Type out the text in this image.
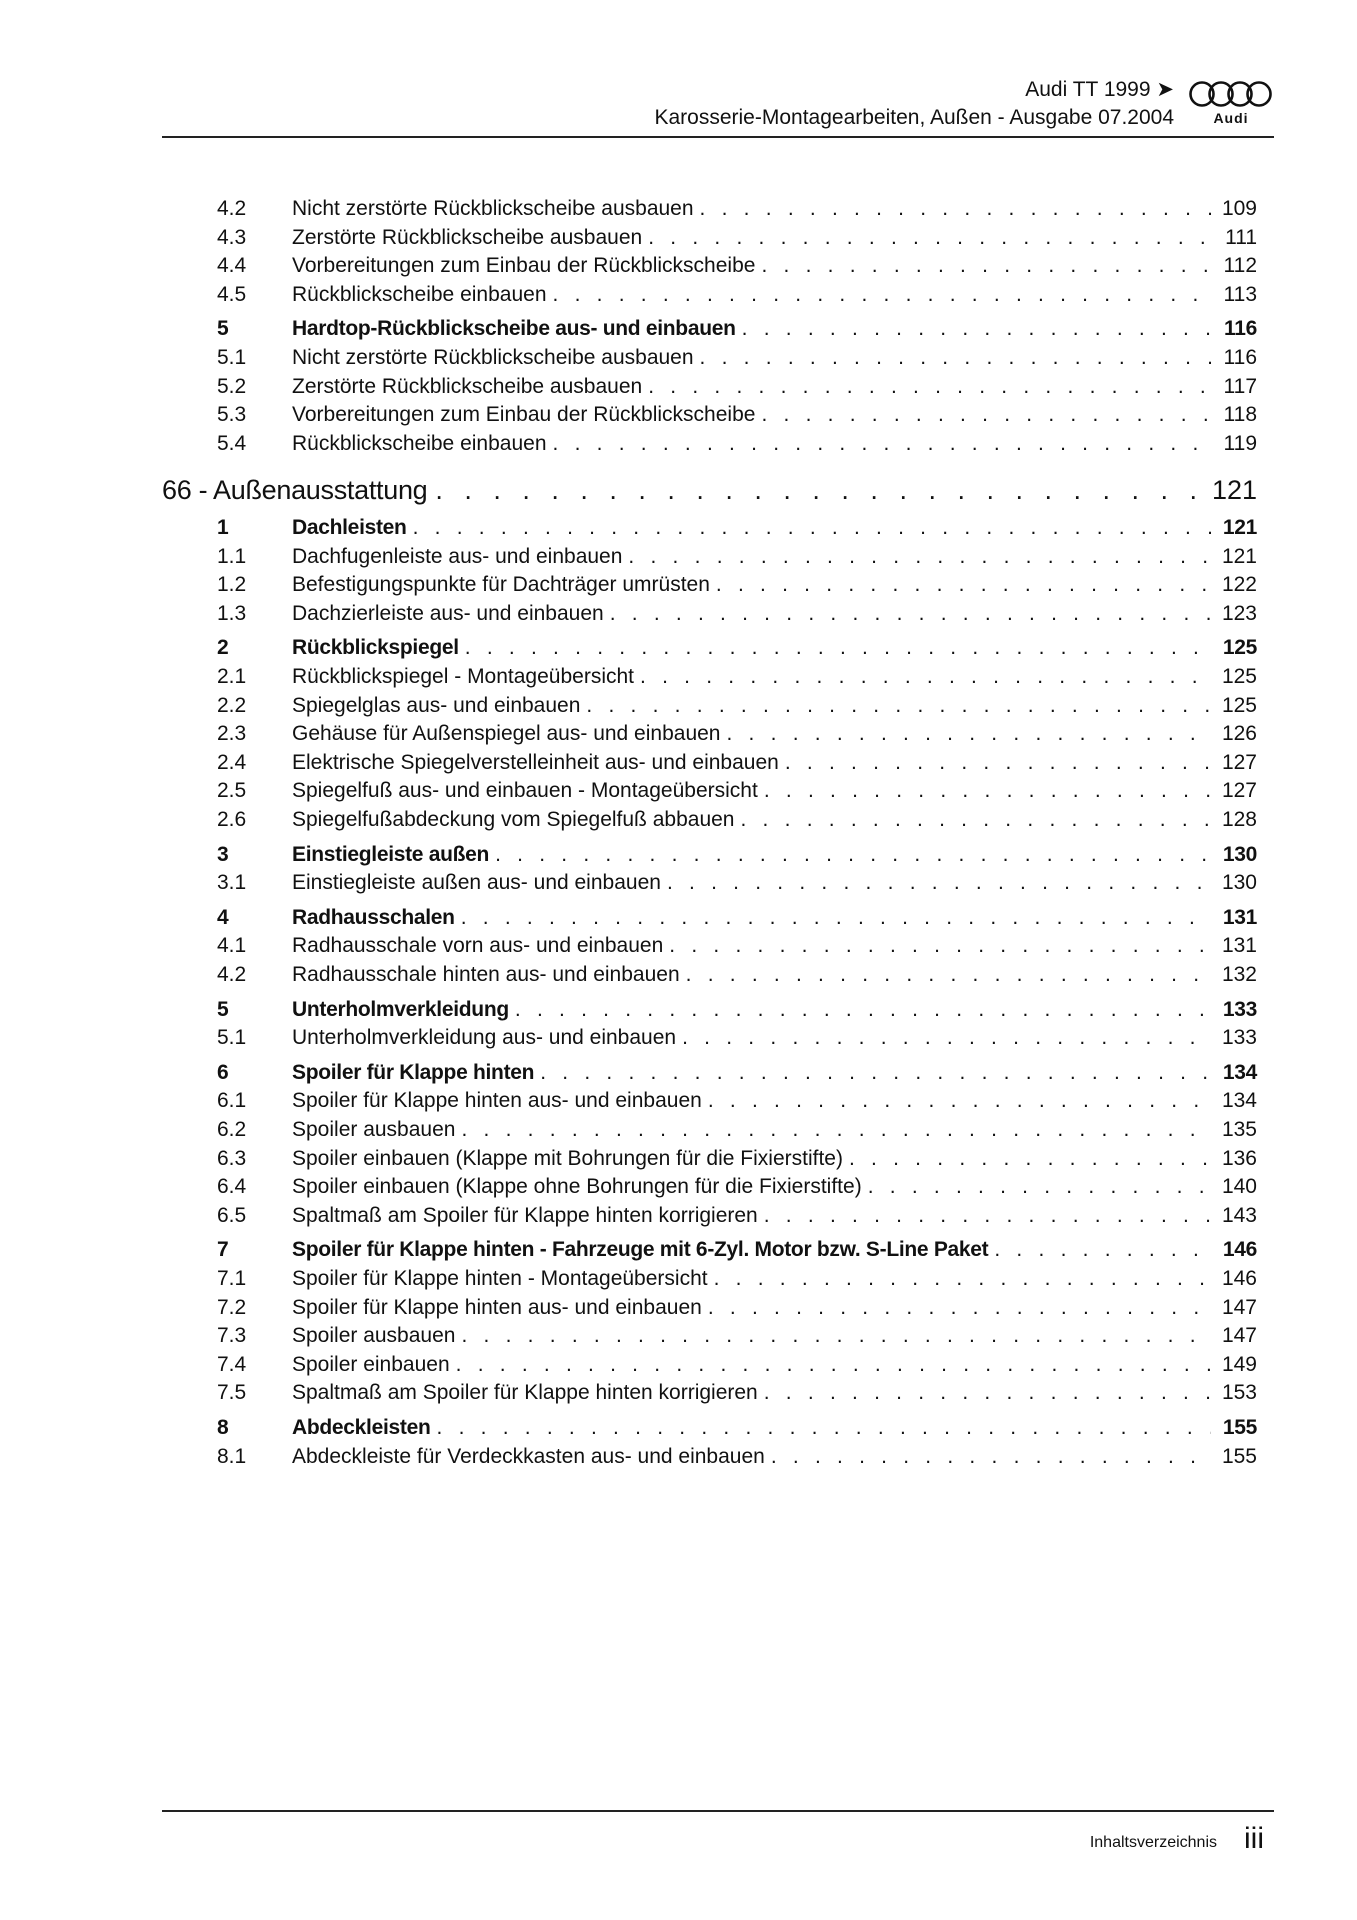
Audi TT 1999 ➤
Karosserie-Montagearbeiten, Außen - Ausgabe 07.2004	Audi
4.2 Nicht zerstörte Rückblickscheibe ausbauen . . .	109
4.3 Zerstörte Rückblickscheibe ausbauen . . .	111
4.4 Vorbereitungen zum Einbau der Rückblickscheibe . . .	112
4.5 Rückblickscheibe einbauen . . .	113
5	Hardtop-Rückblickscheibe aus- und einbauen . . .	116
5.1 Nicht zerstörte Rückblickscheibe ausbauen . . .	116
5.2 Zerstörte Rückblickscheibe ausbauen . . .	117
5.3 Vorbereitungen zum Einbau der Rückblickscheibe . . .	118
5.4 Rückblickscheibe einbauen . . .	119
66 - Außenausstattung . . .	121
1	Dachleisten . . .	121
1.1 Dachfugenleiste aus- und einbauen . . .	121
1.2 Befestigungspunkte für Dachträger umrüsten . . .	122
1.3 Dachzierleiste aus- und einbauen . . .	123
2	Rückblickspiegel . . .	125
2.1 Rückblickspiegel - Montageübersicht . . .	125
2.2 Spiegelglas aus- und einbauen . . .	125
2.3 Gehäuse für Außenspiegel aus- und einbauen . . .	126
2.4 Elektrische Spiegelverstelleinheit aus- und einbauen . . .	127
2.5 Spiegelfuß aus- und einbauen - Montageübersicht . . .	127
2.6 Spiegelfußabdeckung vom Spiegelfuß abbauen . . .	128
3	Einstiegleiste außen . . .	130
3.1 Einstiegleiste außen aus- und einbauen . . .	130
4	Radhausschalen . . .	131
4.1 Radhausschale vorn aus- und einbauen . . .	131
4.2 Radhausschale hinten aus- und einbauen . . .	132
5	Unterholmverkleidung . . .	133
5.1 Unterholmverkleidung aus- und einbauen . . .	133
6	Spoiler für Klappe hinten . . .	134
6.1 Spoiler für Klappe hinten aus- und einbauen . . .	134
6.2 Spoiler ausbauen . . .	135
6.3 Spoiler einbauen (Klappe mit Bohrungen für die Fixierstifte) . . .	136
6.4 Spoiler einbauen (Klappe ohne Bohrungen für die Fixierstifte) . . .	140
6.5 Spaltmaß am Spoiler für Klappe hinten korrigieren . . .	143
7	Spoiler für Klappe hinten - Fahrzeuge mit 6-Zyl. Motor bzw. S-Line Paket . . .	146
7.1 Spoiler für Klappe hinten - Montageübersicht . . .	146
7.2 Spoiler für Klappe hinten aus- und einbauen . . .	147
7.3 Spoiler ausbauen . . .	147
7.4 Spoiler einbauen . . .	149
7.5 Spaltmaß am Spoiler für Klappe hinten korrigieren . . .	153
8	Abdeckleisten . . .	155
8.1 Abdeckleiste für Verdeckkasten aus- und einbauen . . .	155
Inhaltsverzeichnis iii
